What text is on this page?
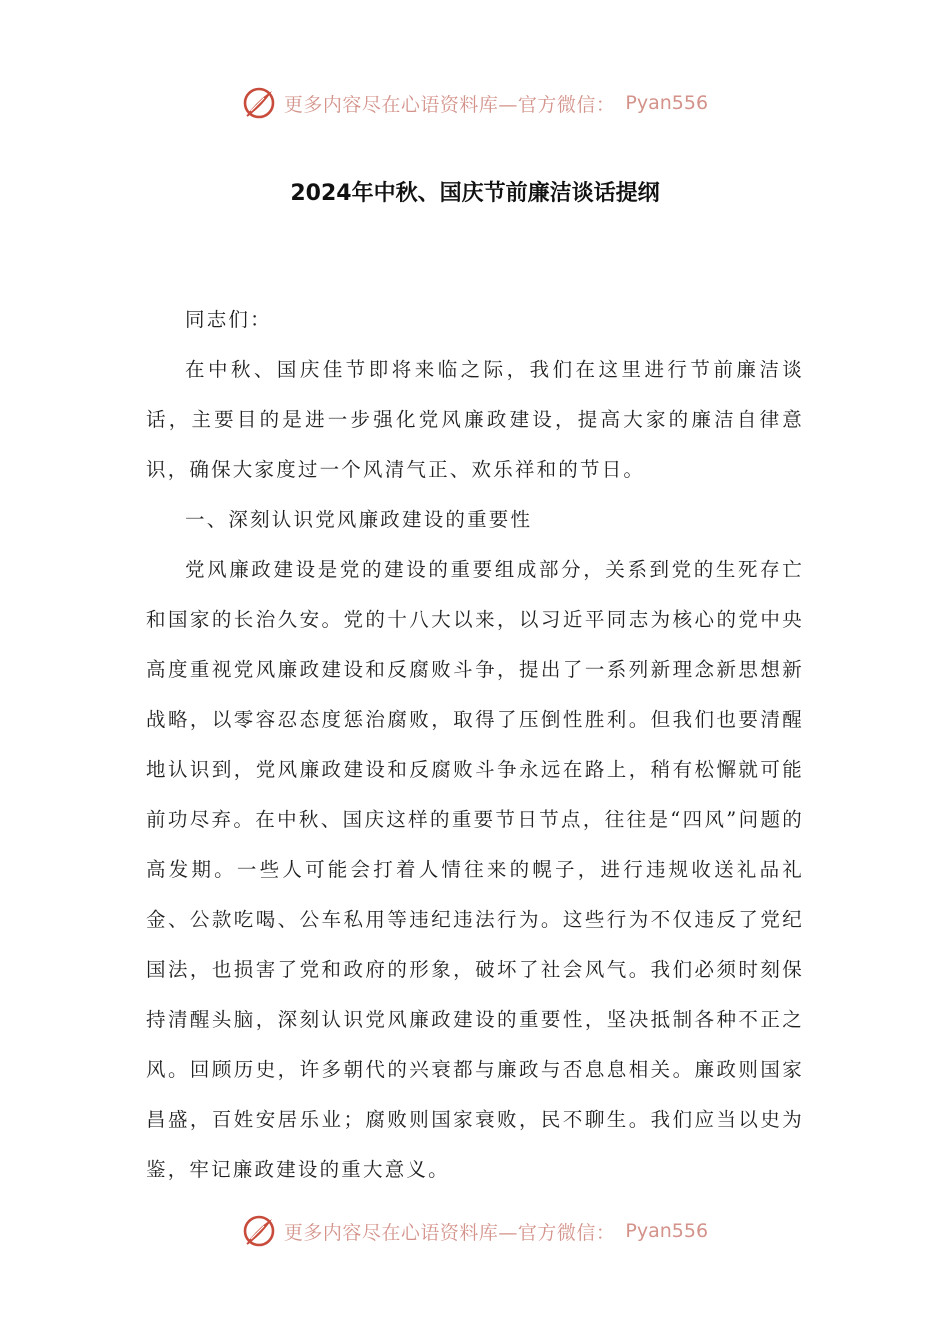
更多内容尽在心语资料库—官方微信： Pyan556
2024年中秋、国庆节前廉洁谈话提纲

同志们：

在中秋、国庆佳节即将来临之际，我们在这里进行节前廉洁谈话，主要目的是进一步强化党风廉政建设，提高大家的廉洁自律意识，确保大家度过一个风清气正、欢乐祥和的节日。

一、深刻认识党风廉政建设的重要性

党风廉政建设是党的建设的重要组成部分，关系到党的生死存亡和国家的长治久安。党的十八大以来，以习近平同志为核心的党中央高度重视党风廉政建设和反腐败斗争，提出了一系列新理念新思想新战略，以零容忍态度惩治腐败，取得了压倒性胜利。但我们也要清醒地认识到，党风廉政建设和反腐败斗争永远在路上，稍有松懈就可能前功尽弃。在中秋、国庆这样的重要节日节点，往往是“四风”问题的高发期。一些人可能会打着人情往来的幌子，进行违规收送礼品礼金、公款吃喝、公车私用等违纪违法行为。这些行为不仅违反了党纪国法，也损害了党和政府的形象，破坏了社会风气。我们必须时刻保持清醒头脑，深刻认识党风廉政建设的重要性，坚决抵制各种不正之风。回顾历史，许多朝代的兴衰都与廉政与否息息相关。廉政则国家昌盛，百姓安居乐业；腐败则国家衰败，民不聊生。我们应当以史为鉴，牢记廉政建设的重大意义。

更多内容尽在心语资料库—官方微信： Pyan556
